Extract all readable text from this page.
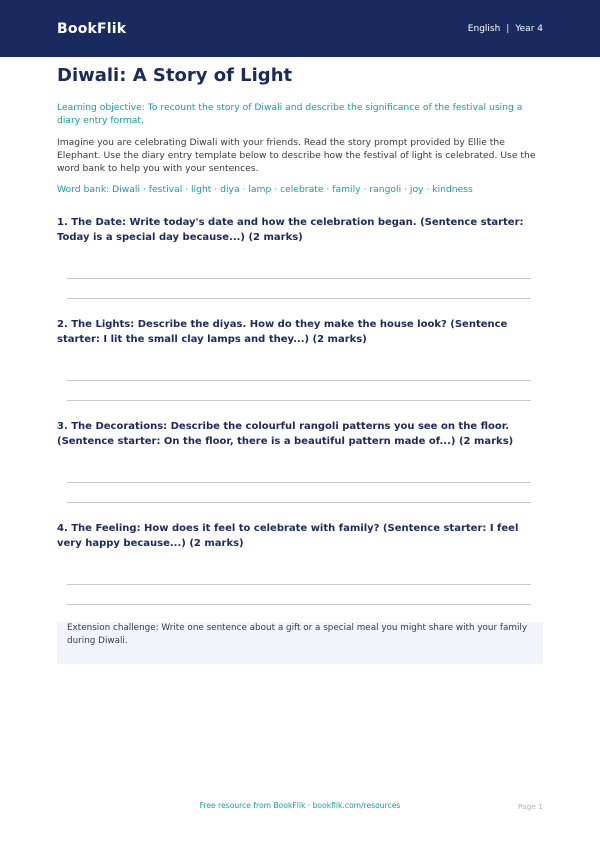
BookFlik	English | Year 4
Diwali: A Story of Light

Learning objective: To recount the story of Diwali and describe the significance of the festival using a diary entry format.

Imagine you are celebrating Diwali with your friends. Read the story prompt provided by Ellie the Elephant. Use the diary entry template below to describe how the festival of light is celebrated. Use the word bank to help you with your sentences.

Word bank: Diwali · festival · light · diya · lamp · celebrate · family · rangoli · joy · kindness

1. The Date: Write today's date and how the celebration began. (Sentence starter: Today is a special day because...) (2 marks)

2. The Lights: Describe the diyas. How do they make the house look? (Sentence starter: I lit the small clay lamps and they...) (2 marks)

3. The Decorations: Describe the colourful rangoli patterns you see on the floor. (Sentence starter: On the floor, there is a beautiful pattern made of...) (2 marks)

4. The Feeling: How does it feel to celebrate with family? (Sentence starter: I feel very happy because...) (2 marks)

Extension challenge: Write one sentence about a gift or a special meal you might share with your family during Diwali.

Free resource from BookFlik · bookflik.com/resources	Page 1
